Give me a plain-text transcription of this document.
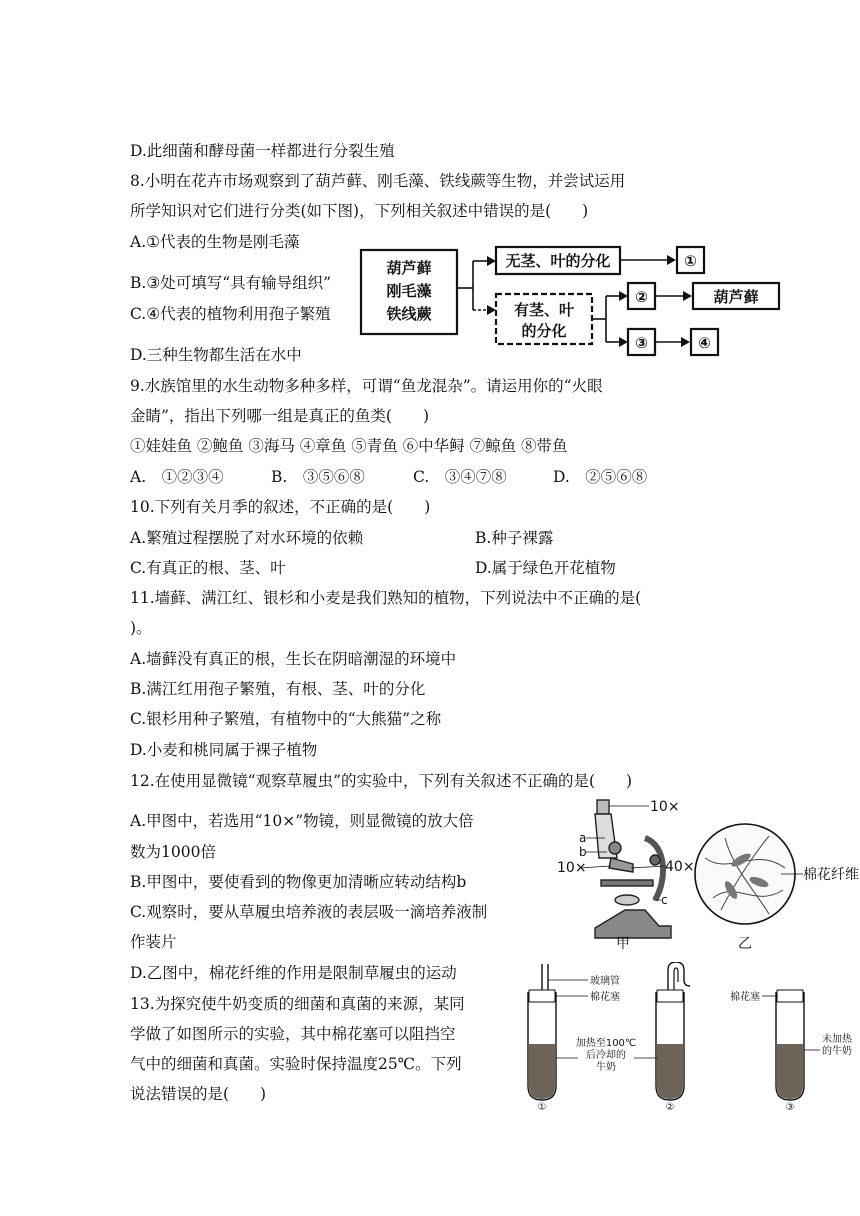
D.此细菌和酵母菌一样都进行分裂生殖
8.小明在花卉市场观察到了葫芦藓、刚毛藻、铁线蕨等生物，并尝试运用
所学知识对它们进行分类(如下图)，下列相关叙述中错误的是(　　)
A.①代表的生物是刚毛藻
B.③处可填写“具有输导组织”
C.④代表的植物利用孢子繁殖
D.三种生物都生活在水中
9.水族馆里的水生动物多种多样，可谓“鱼龙混杂”。请运用你的“火眼
金睛”，指出下列哪一组是真正的鱼类(　　)
①娃娃鱼 ②鲍鱼 ③海马 ④章鱼 ⑤青鱼 ⑥中华鲟 ⑦鲸鱼 ⑧带鱼
A.　①②③④	B.　③⑤⑥⑧	C.　③④⑦⑧	D.　②⑤⑥⑧
10.下列有关月季的叙述，不正确的是(　　)
A.繁殖过程摆脱了对水环境的依赖	B.种子裸露
C.有真正的根、茎、叶	D.属于绿色开花植物
11.墙藓、满江红、银杉和小麦是我们熟知的植物，下列说法中不正确的是(
)。
A.墙藓没有真正的根，生长在阴暗潮湿的环境中
B.满江红用孢子繁殖，有根、茎、叶的分化
C.银杉用种子繁殖，有植物中的“大熊猫”之称
D.小麦和桃同属于裸子植物
12.在使用显微镜“观察草履虫”的实验中，下列有关叙述不正确的是(　　)
A.甲图中，若选用“10×”物镜，则显微镜的放大倍
数为1000倍
B.甲图中，要使看到的物像更加清晰应转动结构b
C.观察时，要从草履虫培养液的表层吸一滴培养液制
作装片
D.乙图中，棉花纤维的作用是限制草履虫的运动
13.为探究使牛奶变质的细菌和真菌的来源，某同
学做了如图所示的实验，其中棉花塞可以阻挡空
气中的细菌和真菌。实验时保持温度25℃。下列
说法错误的是(　　)
葫芦藓
刚毛藻
铁线蕨
无茎、叶的分化	①
有茎、叶
的分化
②	葫芦藓
③	④
10×
a
b
10×	40×
c
甲
棉花纤维
乙
玻璃管
棉花塞
①
加热至100℃
后冷却的
牛奶
②
棉花塞
未加热
的牛奶
③
